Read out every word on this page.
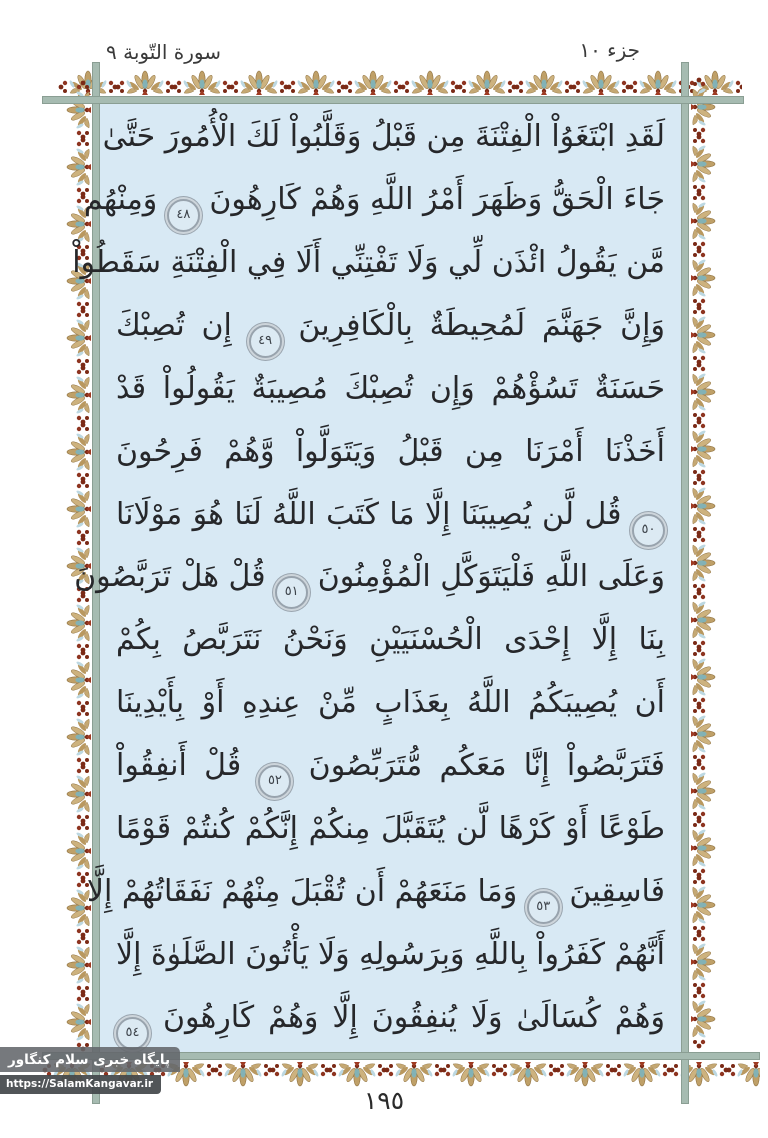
جزء ١٠
سورة التّوبة ٩
لَقَدِ ابْتَغَوُاْ الْفِتْنَةَ مِن قَبْلُ وَقَلَّبُواْ لَكَ الْأُمُورَ حَتَّىٰ
جَاءَ الْحَقُّ وَظَهَرَ أَمْرُ اللَّهِ وَهُمْ كَارِهُونَ ٤٨ وَمِنْهُم
مَّن يَقُولُ ائْذَن لِّي وَلَا تَفْتِنِّي أَلَا فِي الْفِتْنَةِ سَقَطُواْ
وَإِنَّ جَهَنَّمَ لَمُحِيطَةٌ بِالْكَافِرِينَ ٤٩ إِن تُصِبْكَ
حَسَنَةٌ تَسُؤْهُمْ وَإِن تُصِبْكَ مُصِيبَةٌ يَقُولُواْ قَدْ
أَخَذْنَا أَمْرَنَا مِن قَبْلُ وَيَتَوَلَّواْ وَّهُمْ فَرِحُونَ
٥٠ قُل لَّن يُصِيبَنَا إِلَّا مَا كَتَبَ اللَّهُ لَنَا هُوَ مَوْلَانَا
وَعَلَى اللَّهِ فَلْيَتَوَكَّلِ الْمُؤْمِنُونَ ٥١ قُلْ هَلْ تَرَبَّصُونَ
بِنَا إِلَّا إِحْدَى الْحُسْنَيَيْنِ وَنَحْنُ نَتَرَبَّصُ بِكُمْ
أَن يُصِيبَكُمُ اللَّهُ بِعَذَابٍ مِّنْ عِندِهِ أَوْ بِأَيْدِينَا
فَتَرَبَّصُواْ إِنَّا مَعَكُم مُّتَرَبِّصُونَ ٥٢ قُلْ أَنفِقُواْ
طَوْعًا أَوْ كَرْهًا لَّن يُتَقَبَّلَ مِنكُمْ إِنَّكُمْ كُنتُمْ قَوْمًا
فَاسِقِينَ ٥٣ وَمَا مَنَعَهُمْ أَن تُقْبَلَ مِنْهُمْ نَفَقَاتُهُمْ إِلَّا
أَنَّهُمْ كَفَرُواْ بِاللَّهِ وَبِرَسُولِهِ وَلَا يَأْتُونَ الصَّلَوٰةَ إِلَّا
وَهُمْ كُسَالَىٰ وَلَا يُنفِقُونَ إِلَّا وَهُمْ كَارِهُونَ ٥٤
١٩٥
پایگاه خبری سلام کنگاور
https://SalamKangavar.ir
